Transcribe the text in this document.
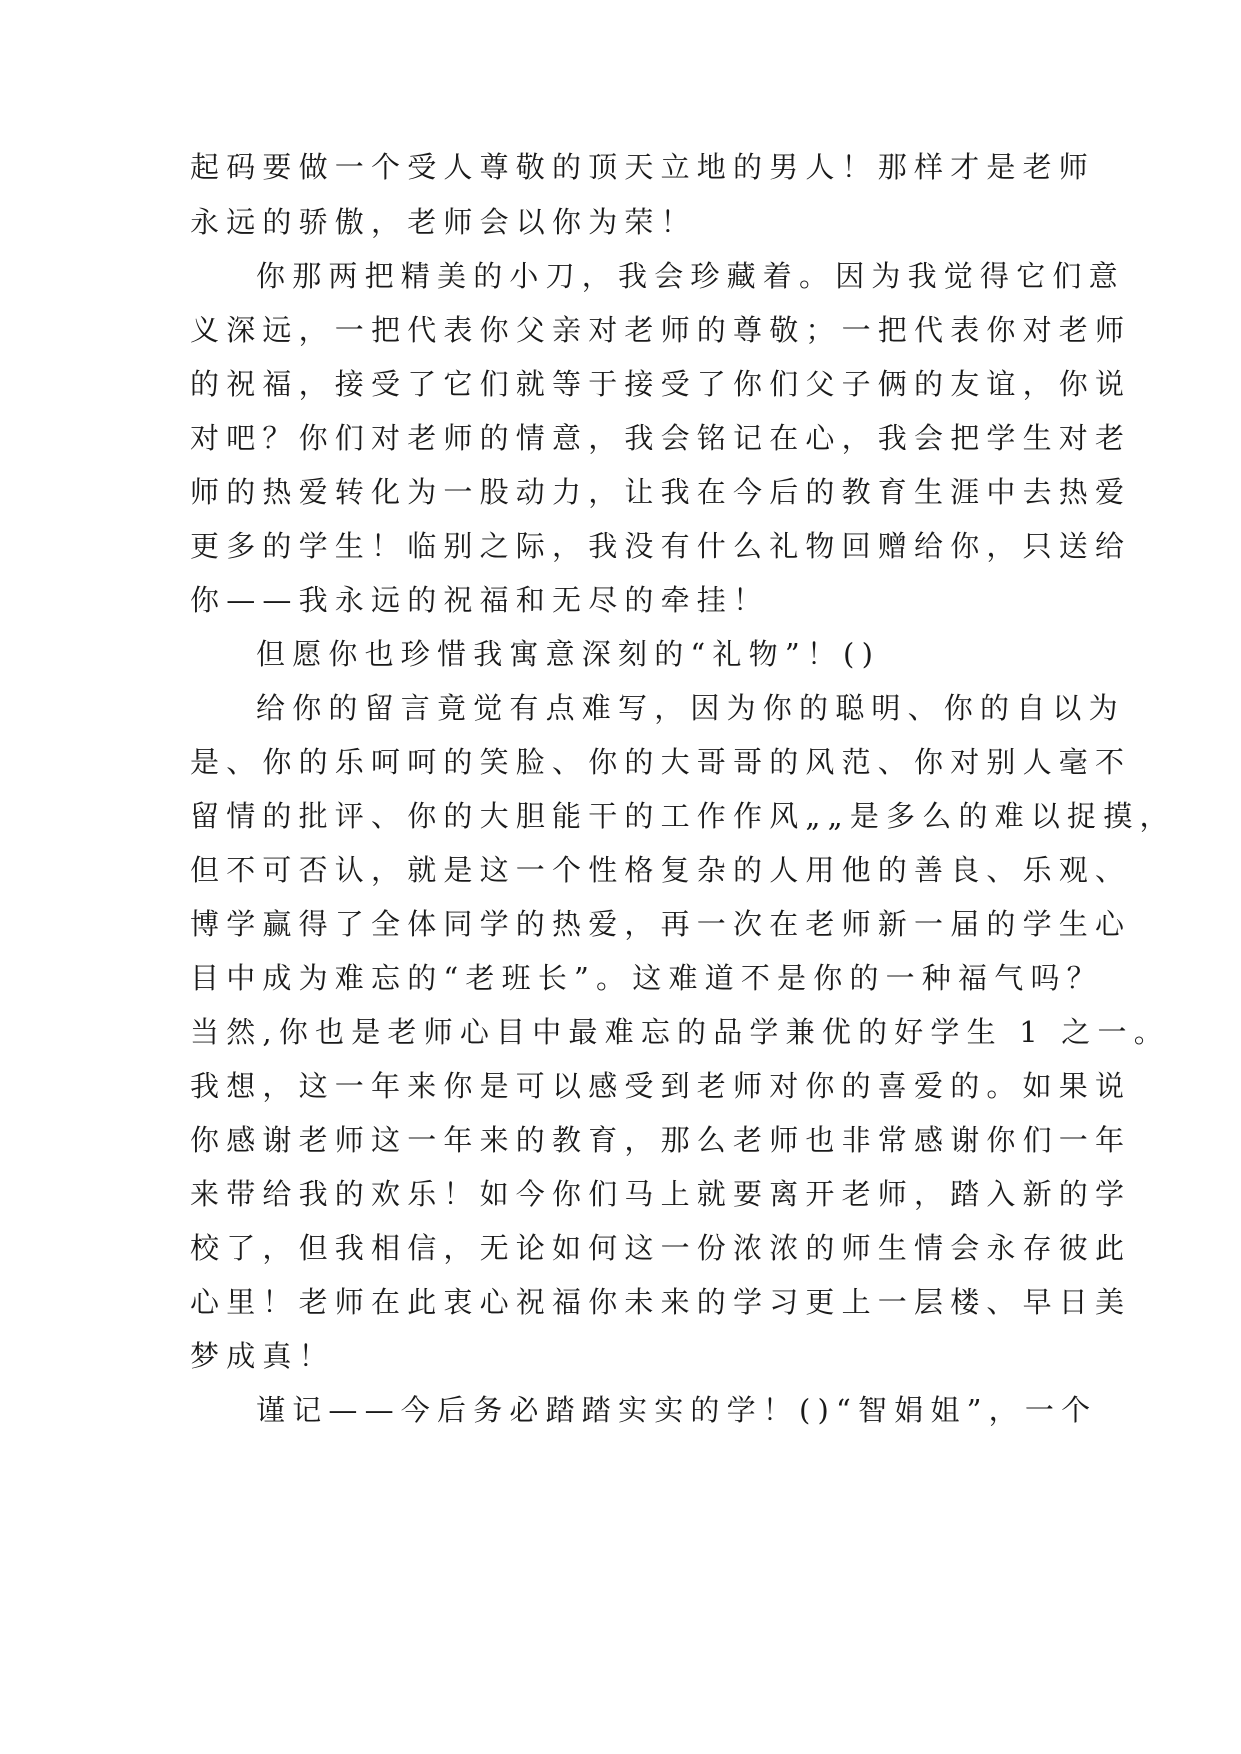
起码要做一个受人尊敬的顶天立地的男人！那样才是老师
永远的骄傲，老师会以你为荣！
你那两把精美的小刀，我会珍藏着。因为我觉得它们意
义深远，一把代表你父亲对老师的尊敬；一把代表你对老师
的祝福，接受了它们就等于接受了你们父子俩的友谊，你说
对吧？你们对老师的情意，我会铭记在心，我会把学生对老
师的热爱转化为一股动力，让我在今后的教育生涯中去热爱
更多的学生！临别之际，我没有什么礼物回赠给你，只送给
你——我永远的祝福和无尽的牵挂！
但愿你也珍惜我寓意深刻的“礼物”！()
给你的留言竟觉有点难写，因为你的聪明、你的自以为
是、你的乐呵呵的笑脸、你的大哥哥的风范、你对别人毫不
留情的批评、你的大胆能干的工作作风„„是多么的难以捉摸，
但不可否认，就是这一个性格复杂的人用他的善良、乐观、
博学赢得了全体同学的热爱，再一次在老师新一届的学生心
目中成为难忘的“老班长”。这难道不是你的一种福气吗？
当然,你也是老师心目中最难忘的品学兼优的好学生 1 之一。
我想，这一年来你是可以感受到老师对你的喜爱的。如果说
你感谢老师这一年来的教育，那么老师也非常感谢你们一年
来带给我的欢乐！如今你们马上就要离开老师，踏入新的学
校了，但我相信，无论如何这一份浓浓的师生情会永存彼此
心里！老师在此衷心祝福你未来的学习更上一层楼、早日美
梦成真！
谨记——今后务必踏踏实实的学！()“智娟姐”，一个
